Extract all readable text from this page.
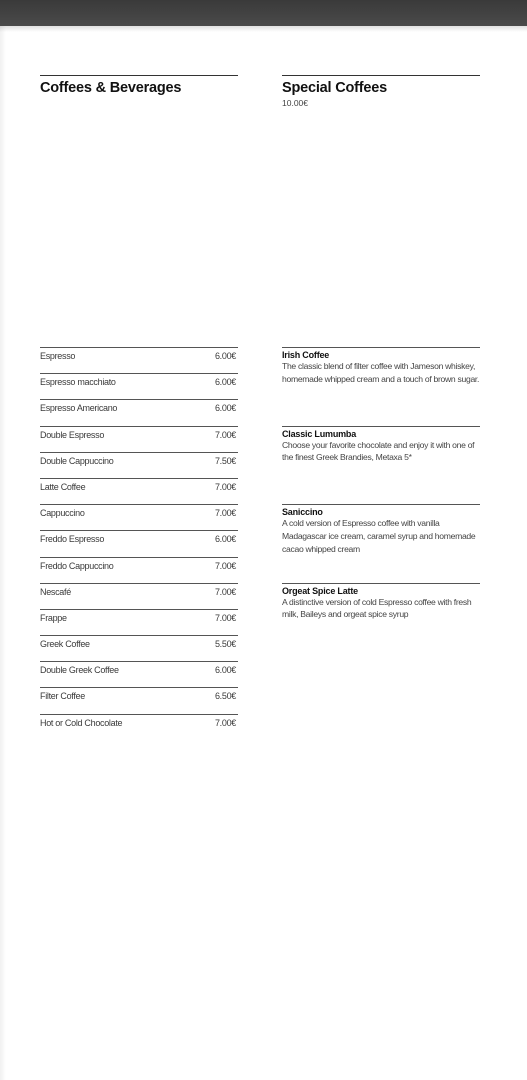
Coffees & Beverages	Special Coffees
10.00€
Espresso	6.00€
Espresso macchiato	6.00€
Espresso Americano	6.00€
Double Espresso	7.00€
Double Cappuccino	7.50€
Latte Coffee	7.00€
Cappuccino	7.00€
Freddo Espresso	6.00€
Freddo Cappuccino	7.00€
Nescafé	7.00€
Frappe	7.00€
Greek Coffee	5.50€
Double Greek Coffee	6.00€
Filter Coffee	6.50€
Hot or Cold Chocolate	7.00€
Irish Coffee
The classic blend of filter coffee with Jameson whiskey, homemade whipped cream and a touch of brown sugar.
Classic Lumumba
Choose your favorite chocolate and enjoy it with one of the finest Greek Brandies, Metaxa 5*
Saniccino
A cold version of Espresso coffee with vanilla Madagascar ice cream, caramel syrup and homemade cacao whipped cream
Orgeat Spice Latte
A distinctive version of cold Espresso coffee with fresh milk, Baileys and orgeat spice syrup
